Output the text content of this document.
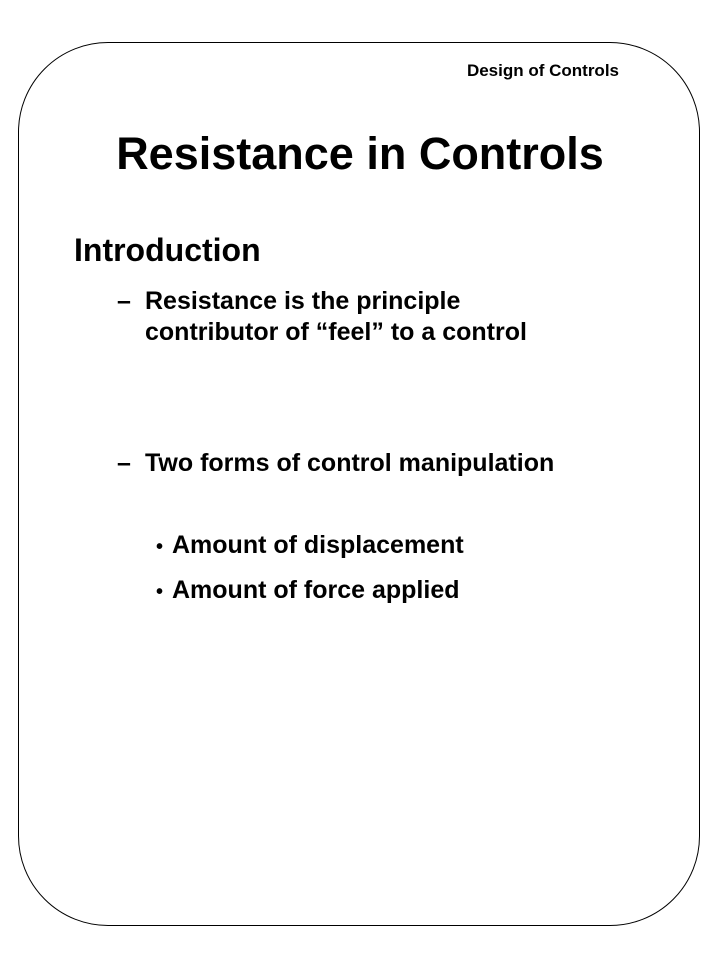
Design of Controls
Resistance in Controls
Introduction
– Resistance is the principle contributor of “feel” to a control
– Two forms of control manipulation
• Amount of displacement
• Amount of force applied
